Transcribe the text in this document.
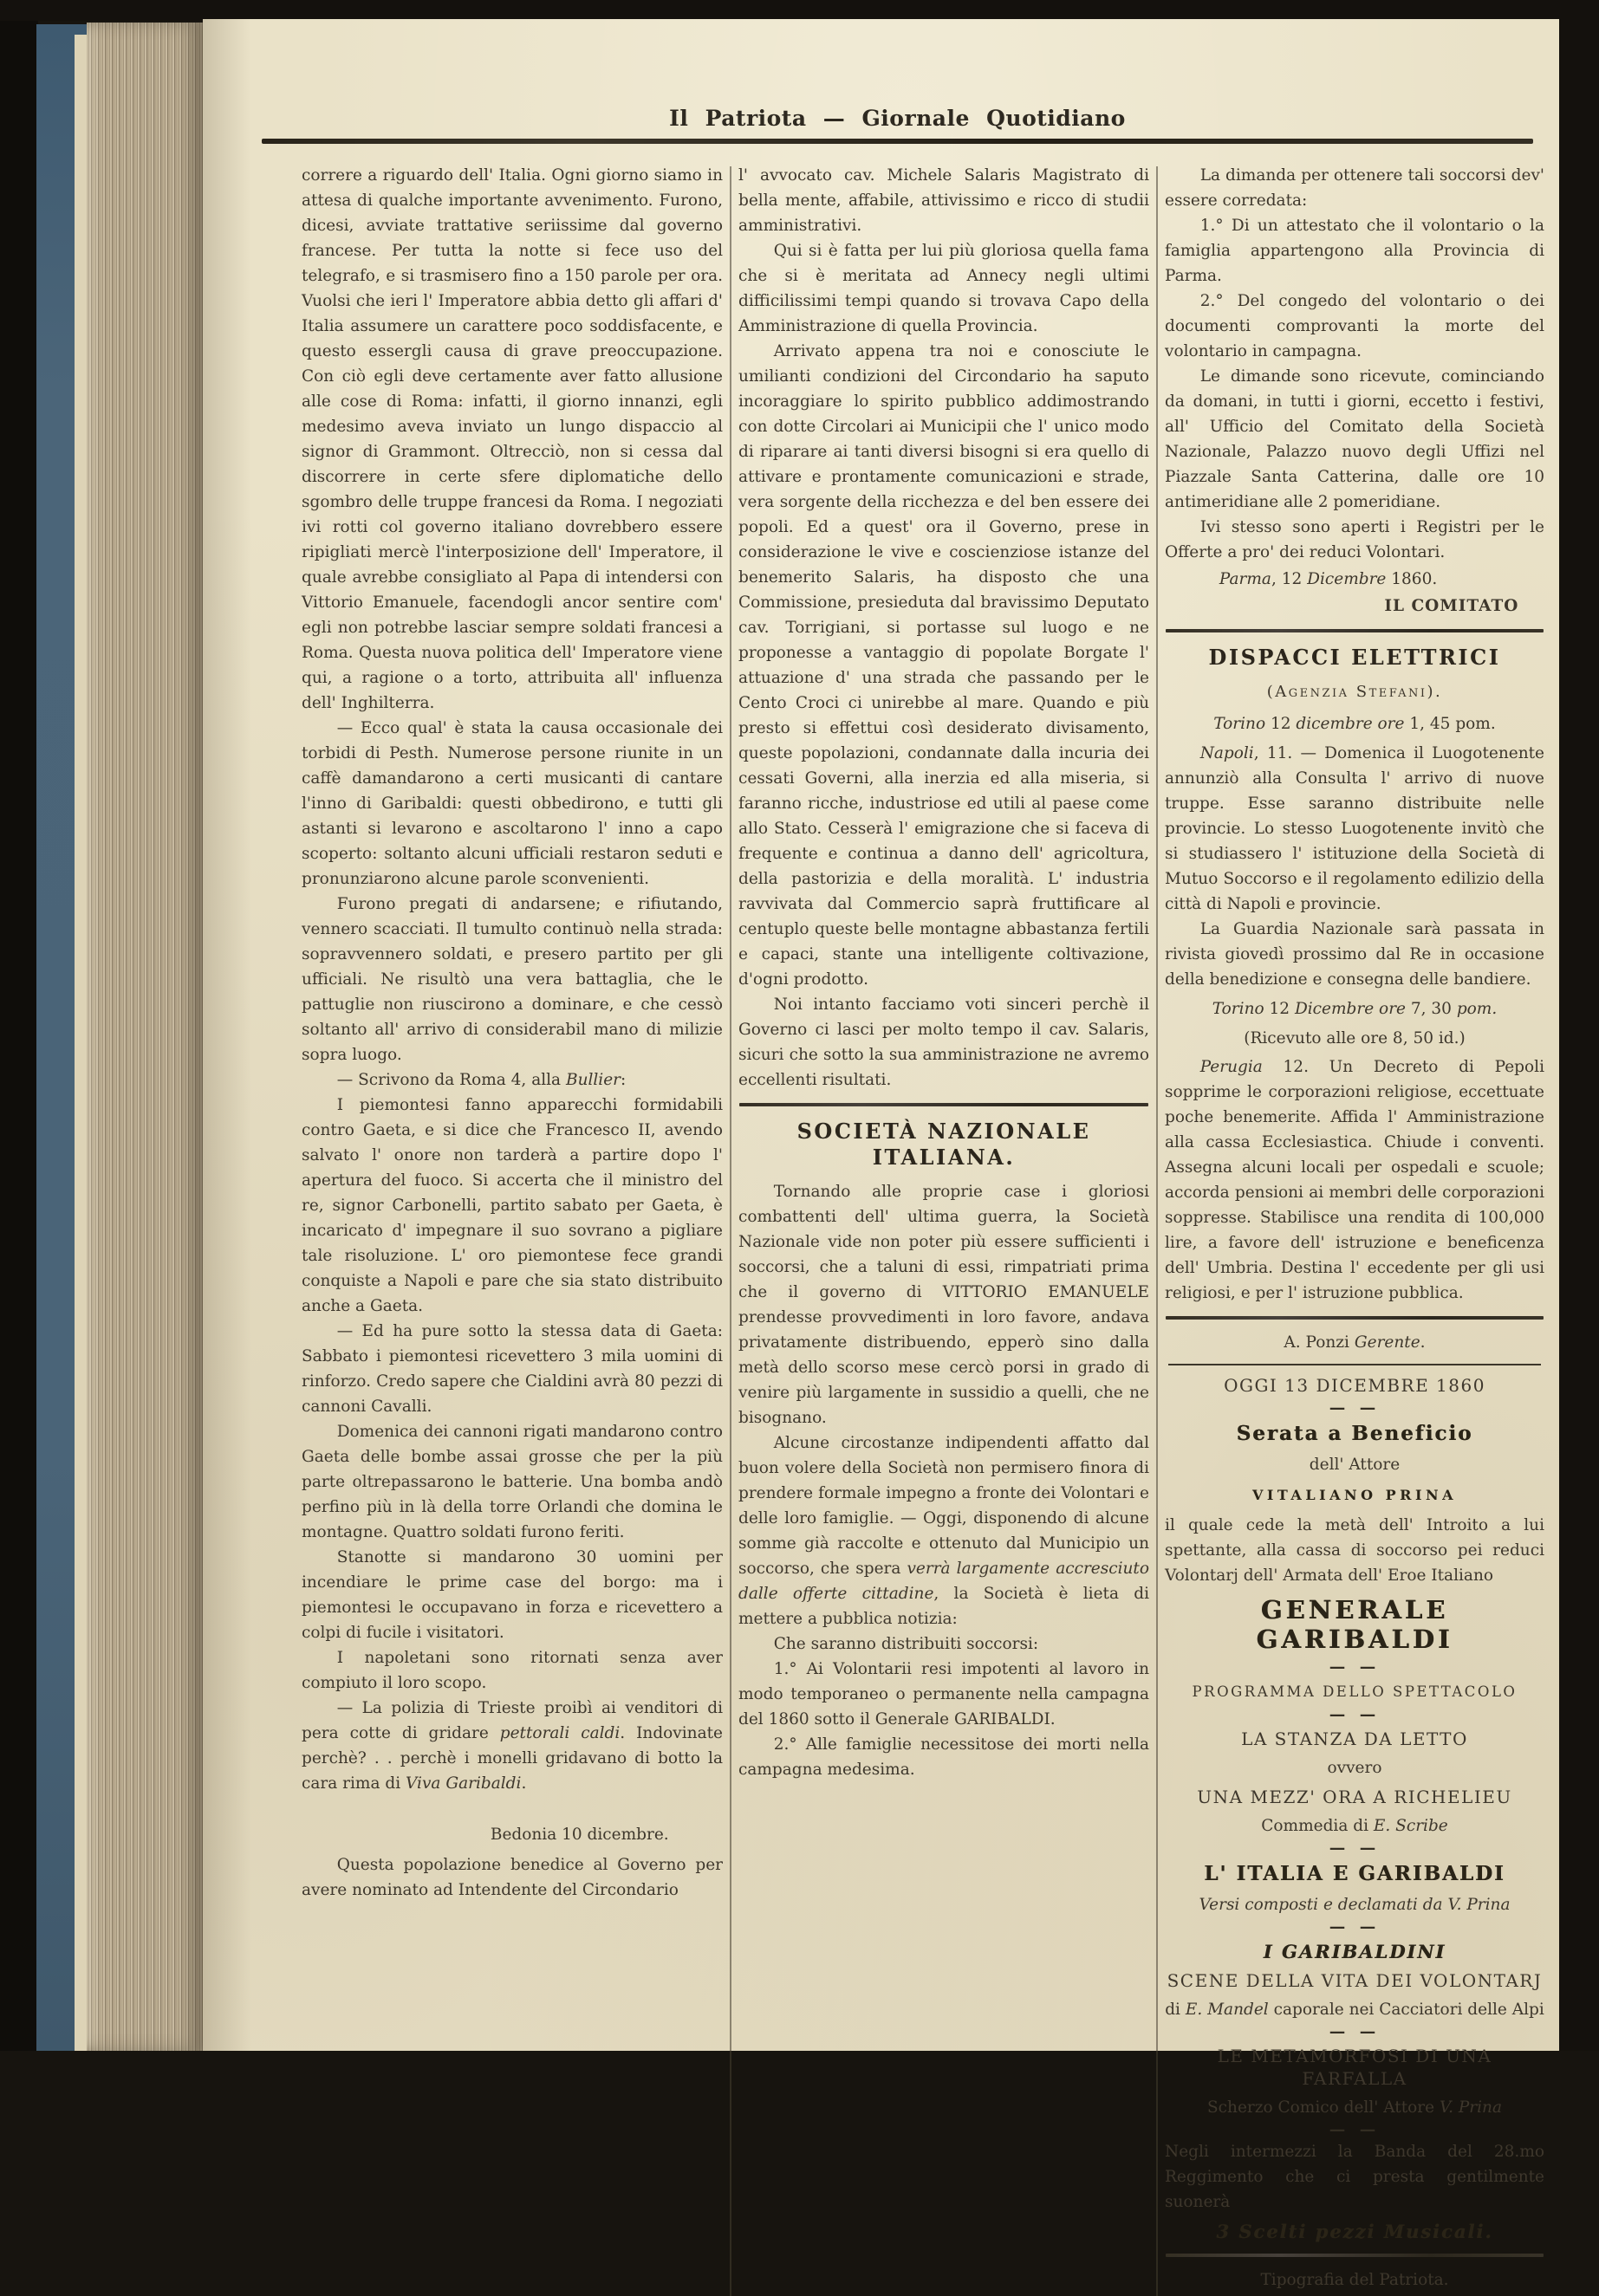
Il Patriota — Giornale Quotidiano
correre a riguardo dell' Italia. Ogni giorno siamo in attesa di qualche importante avvenimento. Furono, dicesi, avviate trattative seriissime dal governo francese. Per tutta la notte si fece uso del telegrafo, e si trasmisero fino a 150 parole per ora. Vuolsi che ieri l' Imperatore abbia detto gli affari d' Italia assumere un carattere poco soddisfacente, e questo essergli causa di grave preoccupazione. Con ciò egli deve certamente aver fatto allusione alle cose di Roma: infatti, il giorno innanzi, egli medesimo aveva inviato un lungo dispaccio al signor di Grammont. Oltrecciò, non si cessa dal discorrere in certe sfere diplomatiche dello sgombro delle truppe francesi da Roma. I negoziati ivi rotti col governo italiano dovrebbero essere ripigliati mercè l'interposizione dell' Imperatore, il quale avrebbe consigliato al Papa di intendersi con Vittorio Emanuele, facendogli ancor sentire com' egli non potrebbe lasciar sempre soldati francesi a Roma. Questa nuova politica dell' Imperatore viene qui, a ragione o a torto, attribuita all' influenza dell' Inghilterra.
— Ecco qual' è stata la causa occasionale dei torbidi di Pesth. Numerose persone riunite in un caffè damandarono a certi musicanti di cantare l'inno di Garibaldi: questi obbedirono, e tutti gli astanti si levarono e ascoltarono l' inno a capo scoperto: soltanto alcuni ufficiali restaron seduti e pronunziarono alcune parole sconvenienti.
Furono pregati di andarsene; e rifiutando, vennero scacciati. Il tumulto continuò nella strada: sopravvennero soldati, e presero partito per gli ufficiali. Ne risultò una vera battaglia, che le pattuglie non riuscirono a dominare, e che cessò soltanto all' arrivo di considerabil mano di milizie sopra luogo.
— Scrivono da Roma 4, alla Bullier:
I piemontesi fanno apparecchi formidabili contro Gaeta, e si dice che Francesco II, avendo salvato l' onore non tarderà a partire dopo l' apertura del fuoco. Si accerta che il ministro del re, signor Carbonelli, partito sabato per Gaeta, è incaricato d' impegnare il suo sovrano a pigliare tale risoluzione. L' oro piemontese fece grandi conquiste a Napoli e pare che sia stato distribuito anche a Gaeta.
— Ed ha pure sotto la stessa data di Gaeta: Sabbato i piemontesi ricevettero 3 mila uomini di rinforzo. Credo sapere che Cialdini avrà 80 pezzi di cannoni Cavalli.
Domenica dei cannoni rigati mandarono contro Gaeta delle bombe assai grosse che per la più parte oltrepassarono le batterie. Una bomba andò perfino più in là della torre Orlandi che domina le montagne. Quattro soldati furono feriti.
Stanotte si mandarono 30 uomini per incendiare le prime case del borgo: ma i piemontesi le occupavano in forza e ricevettero a colpi di fucile i visitatori.
I napoletani sono ritornati senza aver compiuto il loro scopo.
— La polizia di Trieste proibì ai venditori di pera cotte di gridare pettorali caldi. Indovinate perchè? . . perchè i monelli gridavano di botto la cara rima di Viva Garibaldi.
Bedonia 10 dicembre.
Questa popolazione benedice al Governo per avere nominato ad Intendente del Circondario
l' avvocato cav. Michele Salaris Magistrato di bella mente, affabile, attivissimo e ricco di studii amministrativi.
Qui si è fatta per lui più gloriosa quella fama che si è meritata ad Annecy negli ultimi difficilissimi tempi quando si trovava Capo della Amministrazione di quella Provincia.
Arrivato appena tra noi e conosciute le umilianti condizioni del Circondario ha saputo incoraggiare lo spirito pubblico addimostrando con dotte Circolari ai Municipii che l' unico modo di riparare ai tanti diversi bisogni si era quello di attivare e prontamente comunicazioni e strade, vera sorgente della ricchezza e del ben essere dei popoli. Ed a quest' ora il Governo, prese in considerazione le vive e coscienziose istanze del benemerito Salaris, ha disposto che una Commissione, presieduta dal bravissimo Deputato cav. Torrigiani, si portasse sul luogo e ne proponesse a vantaggio di popolate Borgate l' attuazione d' una strada che passando per le Cento Croci ci unirebbe al mare. Quando e più presto si effettui così desiderato divisamento, queste popolazioni, condannate dalla incuria dei cessati Governi, alla inerzia ed alla miseria, si faranno ricche, industriose ed utili al paese come allo Stato. Cesserà l' emigrazione che si faceva di frequente e continua a danno dell' agricoltura, della pastorizia e della moralità. L' industria ravvivata dal Commercio saprà fruttificare al centuplo queste belle montagne abbastanza fertili e capaci, stante una intelligente coltivazione, d'ogni prodotto.
Noi intanto facciamo voti sinceri perchè il Governo ci lasci per molto tempo il cav. Salaris, sicuri che sotto la sua amministrazione ne avremo eccellenti risultati.
SOCIETÀ NAZIONALE ITALIANA.
Tornando alle proprie case i gloriosi combattenti dell' ultima guerra, la Società Nazionale vide non poter più essere sufficienti i soccorsi, che a taluni di essi, rimpatriati prima che il governo di VITTORIO EMANUELE prendesse provvedimenti in loro favore, andava privatamente distribuendo, epperò sino dalla metà dello scorso mese cercò porsi in grado di venire più largamente in sussidio a quelli, che ne bisognano.
Alcune circostanze indipendenti affatto dal buon volere della Società non permisero finora di prendere formale impegno a fronte dei Volontari e delle loro famiglie. — Oggi, disponendo di alcune somme già raccolte e ottenuto dal Municipio un soccorso, che spera verrà largamente accresciuto dalle offerte cittadine, la Società è lieta di mettere a pubblica notizia:
Che saranno distribuiti soccorsi:
1.° Ai Volontarii resi impotenti al lavoro in modo temporaneo o permanente nella campagna del 1860 sotto il Generale GARIBALDI.
2.° Alle famiglie necessitose dei morti nella campagna medesima.
La dimanda per ottenere tali soccorsi dev' essere corredata:
1.° Di un attestato che il volontario o la famiglia appartengono alla Provincia di Parma.
2.° Del congedo del volontario o dei documenti comprovanti la morte del volontario in campagna.
Le dimande sono ricevute, cominciando da domani, in tutti i giorni, eccetto i festivi, all' Ufficio del Comitato della Società Nazionale, Palazzo nuovo degli Uffizi nel Piazzale Santa Catterina, dalle ore 10 antimeridiane alle 2 pomeridiane.
Ivi stesso sono aperti i Registri per le Offerte a pro' dei reduci Volontari.
Parma, 12 Dicembre 1860.
IL COMITATO
DISPACCI ELETTRICI
(Agenzia Stefani).
Torino 12 dicembre ore 1, 45 pom.
Napoli, 11. — Domenica il Luogotenente annunziò alla Consulta l' arrivo di nuove truppe. Esse saranno distribuite nelle provincie. Lo stesso Luogotenente invitò che si studiassero l' istituzione della Società di Mutuo Soccorso e il regolamento edilizio della città di Napoli e provincie.
La Guardia Nazionale sarà passata in rivista giovedì prossimo dal Re in occasione della benedizione e consegna delle bandiere.
Torino 12 Dicembre ore 7, 30 pom.
(Ricevuto alle ore 8, 50 id.)
Perugia 12. Un Decreto di Pepoli sopprime le corporazioni religiose, eccettuate poche benemerite. Affida l' Amministrazione alla cassa Ecclesiastica. Chiude i conventi. Assegna alcuni locali per ospedali e scuole; accorda pensioni ai membri delle corporazioni soppresse. Stabilisce una rendita di 100,000 lire, a favore dell' istruzione e beneficenza dell' Umbria. Destina l' eccedente per gli usi religiosi, e per l' istruzione pubblica.
A. Ponzi Gerente.
OGGI 13 DICEMBRE 1860
— —
Serata a Beneficio
dell' Attore
VITALIANO PRINA
il quale cede la metà dell' Introito a lui spettante, alla cassa di soccorso pei reduci Volontarj dell' Armata dell' Eroe Italiano
GENERALE GARIBALDI
— —
PROGRAMMA DELLO SPETTACOLO
— —
LA STANZA DA LETTO
ovvero
UNA MEZZ' ORA A RICHELIEU
Commedia di E. Scribe
— —
L' ITALIA E GARIBALDI
Versi composti e declamati da V. Prina
— —
I GARIBALDINI
SCENE DELLA VITA DEI VOLONTARJ
di E. Mandel caporale nei Cacciatori delle Alpi
— —
LE METAMORFOSI DI UNA FARFALLA
Scherzo Comico dell' Attore V. Prina
— —
Negli intermezzi la Banda del 28.mo Reggimento che ci presta gentilmente suonerà
3 Scelti pezzi Musicali.
Tipografia del Patriota.
